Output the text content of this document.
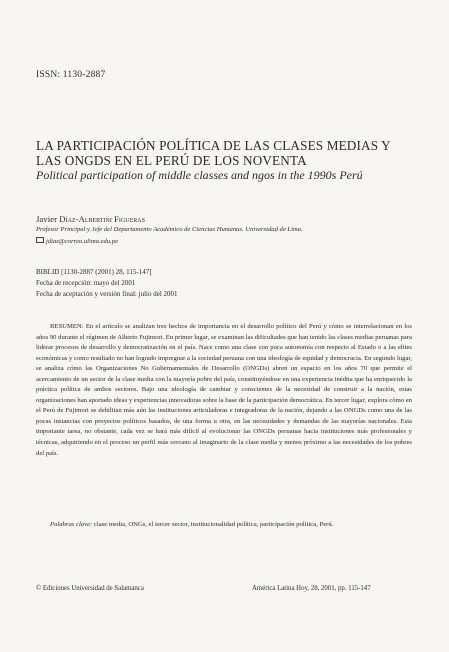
ISSN: 1130-2887
LA PARTICIPACIÓN POLÍTICA DE LAS CLASES MEDIAS Y LAS ONGDS EN EL PERÚ DE LOS NOVENTA
Political participation of middle classes and ngos in the 1990s Perú
Javier Díaz-Albertini Figueras
Profesor Principal y Jefe del Departamento Académico de Ciencias Humanas. Universidad de Lima.
jdiaz@correo.ulima.edu.pe
BIBLID [1130-2887 (2001) 28, 115-147]
Fecha de recepción: mayo del 2001
Fecha de aceptación y versión final: julio del 2001

RESUMEN: En el artículo se analizan tres hechos de importancia en el desarrollo político del Perú y cómo se interrelacionan en los años 90 durante el régimen de Alberto Fujimori. En primer lugar, se examinan las dificultades que han tenido las clases medias peruanas para liderar procesos de desarrollo y democratización en el país. Nace como una clase con poca autonomía con respecto al Estado o a las elites económicas y como resultado no han logrado impregnar a la sociedad peruana con una ideología de equidad y democracia. En segundo lugar, se analiza cómo las Organizaciones No Gubernamentales de Desarrollo (ONGDs) abren un espacio en los años 70 que permite el acercamiento de un sector de la clase media con la mayoría pobre del país, constituyéndose en una experiencia inédita que ha enriquecido la práctica política de ambos sectores. Bajo una ideología de cambiar y conscientes de la necesidad de construir a la nación, estas organizaciones han aportado ideas y experiencias innovadoras sobre la base de la participación democrática. En tercer lugar, explora cómo en el Perú de Fujimori se debilitan más aún las instituciones articuladoras e integradoras de la nación, dejando a las ONGDs como una de las pocas instancias con proyectos políticos basados, de una forma u otra, en las necesidades y demandas de las mayorías nacionales. Esta importante tarea, no obstante, cada vez se hará más difícil al evolucionar las ONGDs peruanas hacia instituciones más profesionales y técnicas, adquiriendo en el proceso un perfil más cercano al imaginario de la clase media y menos próximo a las necesidades de los pobres del país.

Palabras clave: clase media, ONGs, el tercer sector, institucionalidad política, participación política, Perú.

© Ediciones Universidad de Salamanca	América Latina Hoy, 28, 2001, pp. 115-147
